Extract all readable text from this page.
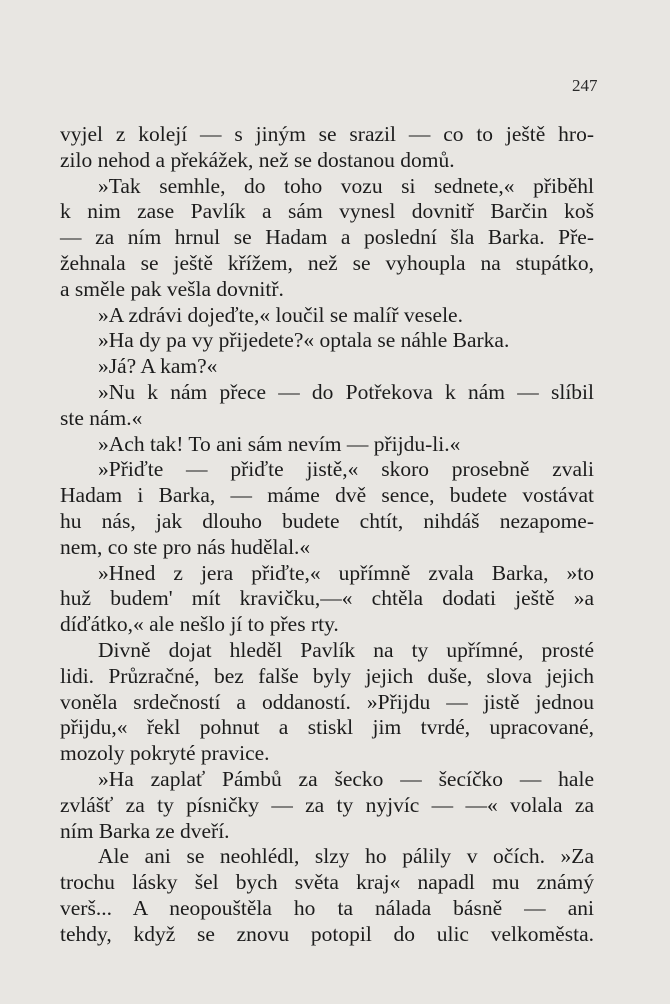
247
vyjel z kolejí — s jiným se srazil — co to ještě hro-
zilo nehod a překážek, než se dostanou domů.
»Tak semhle, do toho vozu si sednete,« přiběhl
k nim zase Pavlík a sám vynesl dovnitř Barčin koš
— za ním hrnul se Hadam a poslední šla Barka. Pře-
žehnala se ještě křížem, než se vyhoupla na stupátko,
a směle pak vešla dovnitř.
»A zdrávi dojeďte,« loučil se malíř vesele.
»Ha dy pa vy přijedete?« optala se náhle Barka.
»Já? A kam?«
»Nu k nám přece — do Potřekova k nám — slíbil
ste nám.«
»Ach tak! To ani sám nevím — přijdu-li.«
»Přiďte — přiďte jistě,« skoro prosebně zvali
Hadam i Barka, — máme dvě sence, budete vostávat
hu nás, jak dlouho budete chtít, nihdáš nezapome-
nem, co ste pro nás hudělal.«
»Hned z jera přiďte,« upřímně zvala Barka, »to
huž budem' mít kravičku,—« chtěla dodati ještě »a
díďátko,« ale nešlo jí to přes rty.
Divně dojat hleděl Pavlík na ty upřímné, prosté
lidi. Průzračné, bez falše byly jejich duše, slova jejich
voněla srdečností a oddaností. »Přijdu — jistě jednou
přijdu,« řekl pohnut a stiskl jim tvrdé, upracované,
mozoly pokryté pravice.
»Ha zaplať Pámbů za šecko — šecíčko — hale
zvlášť za ty písničky — za ty nyjvíc — —« volala za
ním Barka ze dveří.
Ale ani se neohlédl, slzy ho pálily v očích. »Za
trochu lásky šel bych světa kraj« napadl mu známý
verš... A neopouštěla ho ta nálada básně — ani
tehdy, když se znovu potopil do ulic velkoměsta.
